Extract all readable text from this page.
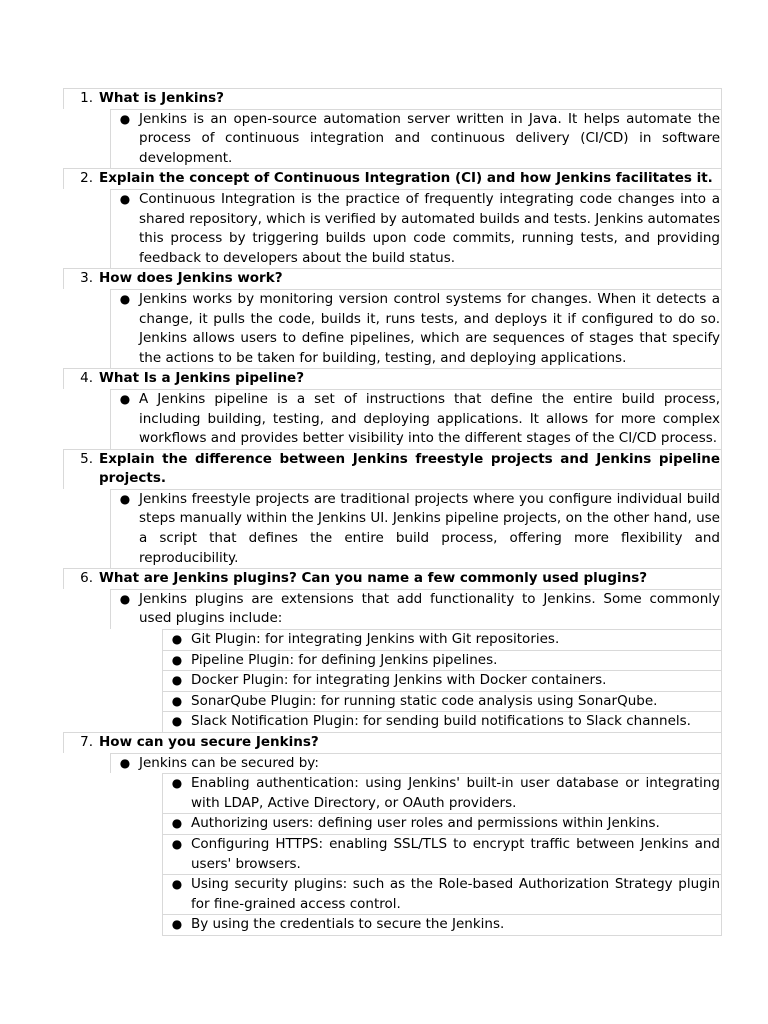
1. What is Jenkins?
● Jenkins is an open-source automation server written in Java. It helps automate the process of continuous integration and continuous delivery (CI/CD) in software development.
2. Explain the concept of Continuous Integration (CI) and how Jenkins facilitates it.
● Continuous Integration is the practice of frequently integrating code changes into a shared repository, which is verified by automated builds and tests. Jenkins automates this process by triggering builds upon code commits, running tests, and providing feedback to developers about the build status.
3. How does Jenkins work?
● Jenkins works by monitoring version control systems for changes. When it detects a change, it pulls the code, builds it, runs tests, and deploys it if configured to do so. Jenkins allows users to define pipelines, which are sequences of stages that specify the actions to be taken for building, testing, and deploying applications.
4. What Is a Jenkins pipeline?
● A Jenkins pipeline is a set of instructions that define the entire build process, including building, testing, and deploying applications. It allows for more complex workflows and provides better visibility into the different stages of the CI/CD process.
5. Explain the difference between Jenkins freestyle projects and Jenkins pipeline projects.
● Jenkins freestyle projects are traditional projects where you configure individual build steps manually within the Jenkins UI. Jenkins pipeline projects, on the other hand, use a script that defines the entire build process, offering more flexibility and reproducibility.
6. What are Jenkins plugins? Can you name a few commonly used plugins?
● Jenkins plugins are extensions that add functionality to Jenkins. Some commonly used plugins include:
● Git Plugin: for integrating Jenkins with Git repositories.
● Pipeline Plugin: for defining Jenkins pipelines.
● Docker Plugin: for integrating Jenkins with Docker containers.
● SonarQube Plugin: for running static code analysis using SonarQube.
● Slack Notification Plugin: for sending build notifications to Slack channels.
7. How can you secure Jenkins?
● Jenkins can be secured by:
● Enabling authentication: using Jenkins' built-in user database or integrating with LDAP, Active Directory, or OAuth providers.
● Authorizing users: defining user roles and permissions within Jenkins.
● Configuring HTTPS: enabling SSL/TLS to encrypt traffic between Jenkins and users' browsers.
● Using security plugins: such as the Role-based Authorization Strategy plugin for fine-grained access control.
● By using the credentials to secure the Jenkins.
